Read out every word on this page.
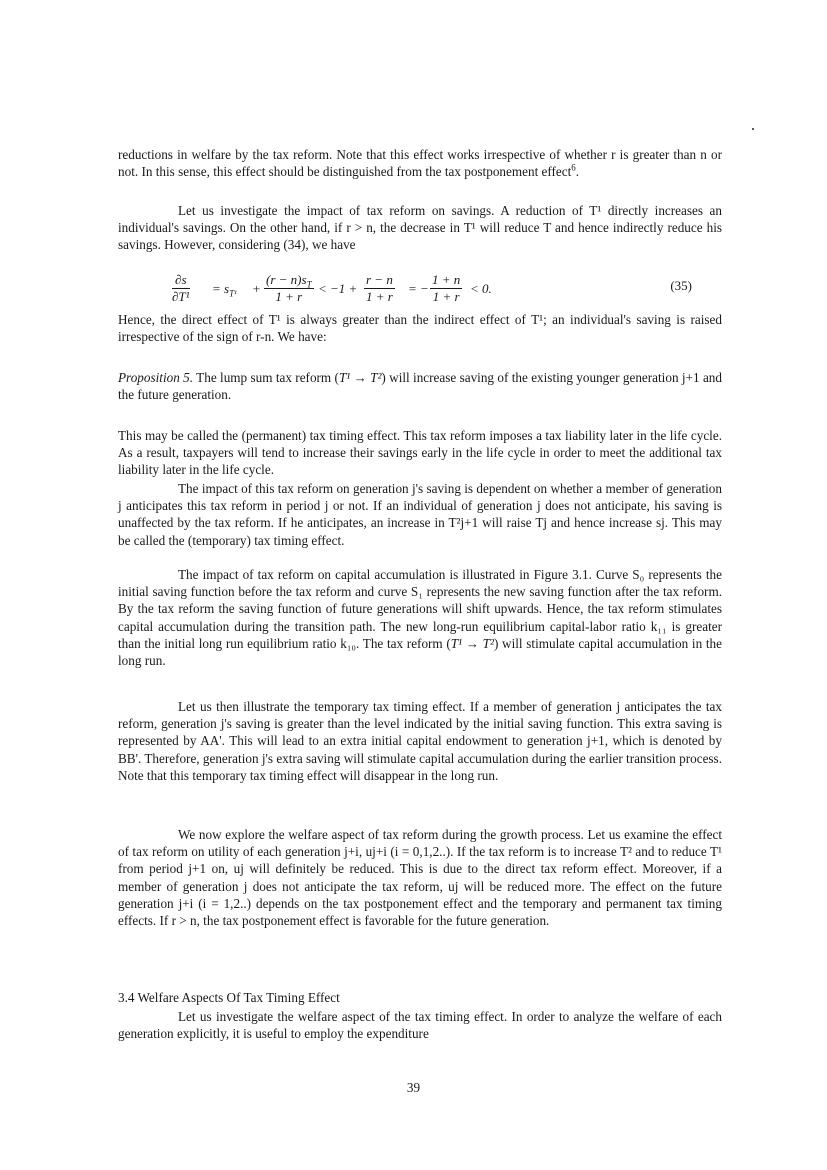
reductions in welfare by the tax reform. Note that this effect works irrespective of whether r is greater than n or not. In this sense, this effect should be distinguished from the tax postponement effect$^6$.

Let us investigate the impact of tax reform on savings. A reduction of T¹ directly increases an individual's savings. On the other hand, if r > n, the decrease in T¹ will reduce T and hence indirectly reduce his savings. However, considering (34), we have

$\frac{\partial s}{\text{∂T¹}} = s_{T^1} + \frac{(r - n)s_T}{1 + r} < -1 + \frac{r - n}{1 + r}$ = − $\frac{1 + n}{1 + r} < 0$.	(35)

Hence, the direct effect of T¹ is always greater than the indirect effect of T¹; an individual's saving is raised irrespective of the sign of r-n. We have:

Proposition 5. The lump sum tax reform (T¹ → T²) will increase saving of the existing younger generation j+1 and the future generation.

This may be called the (permanent) tax timing effect. This tax reform imposes a tax liability later in the life cycle. As a result, taxpayers will tend to increase their savings early in the life cycle in order to meet the additional tax liability later in the life cycle.

The impact of this tax reform on generation j's saving is dependent on whether a member of generation j anticipates this tax reform in period j or not. If an individual of generation j does not anticipate, his saving is unaffected by the tax reform. If he anticipates, an increase in T²j+1 will raise Tj and hence increase sj. This may be called the (temporary) tax timing effect.

The impact of tax reform on capital accumulation is illustrated in Figure 3.1. Curve S₀ represents the initial saving function before the tax reform and curve S₁ represents the new saving function after the tax reform. By the tax reform the saving function of future generations will shift upwards. Hence, the tax reform stimulates capital accumulation during the transition path. The new long-run equilibrium capital-labor ratio k₁₁ is greater than the initial long run equilibrium ratio k₁₀. The tax reform (T¹ → T²) will stimulate capital accumulation in the long run.

Let us then illustrate the temporary tax timing effect. If a member of generation j anticipates the tax reform, generation j's saving is greater than the level indicated by the initial saving function. This extra saving is represented by AA'. This will lead to an extra initial capital endowment to generation j+1, which is denoted by BB'. Therefore, generation j's extra saving will stimulate capital accumulation during the earlier transition process. Note that this temporary tax timing effect will disappear in the long run.

We now explore the welfare aspect of tax reform during the growth process. Let us examine the effect of tax reform on utility of each generation j+i, uj+i (i = 0,1,2..). If the tax reform is to increase T² and to reduce T¹ from period j+1 on, uj will definitely be reduced. This is due to the direct tax reform effect. Moreover, if a member of generation j does not anticipate the tax reform, uj will be reduced more. The effect on the future generation j+i (i = 1,2..) depends on the tax postponement effect and the temporary and permanent tax timing effects. If r > n, the tax postponement effect is favorable for the future generation.

3.4 Welfare Aspects Of Tax Timing Effect

Let us investigate the welfare aspect of the tax timing effect. In order to analyze the welfare of each generation explicitly, it is useful to employ the expenditure

39
